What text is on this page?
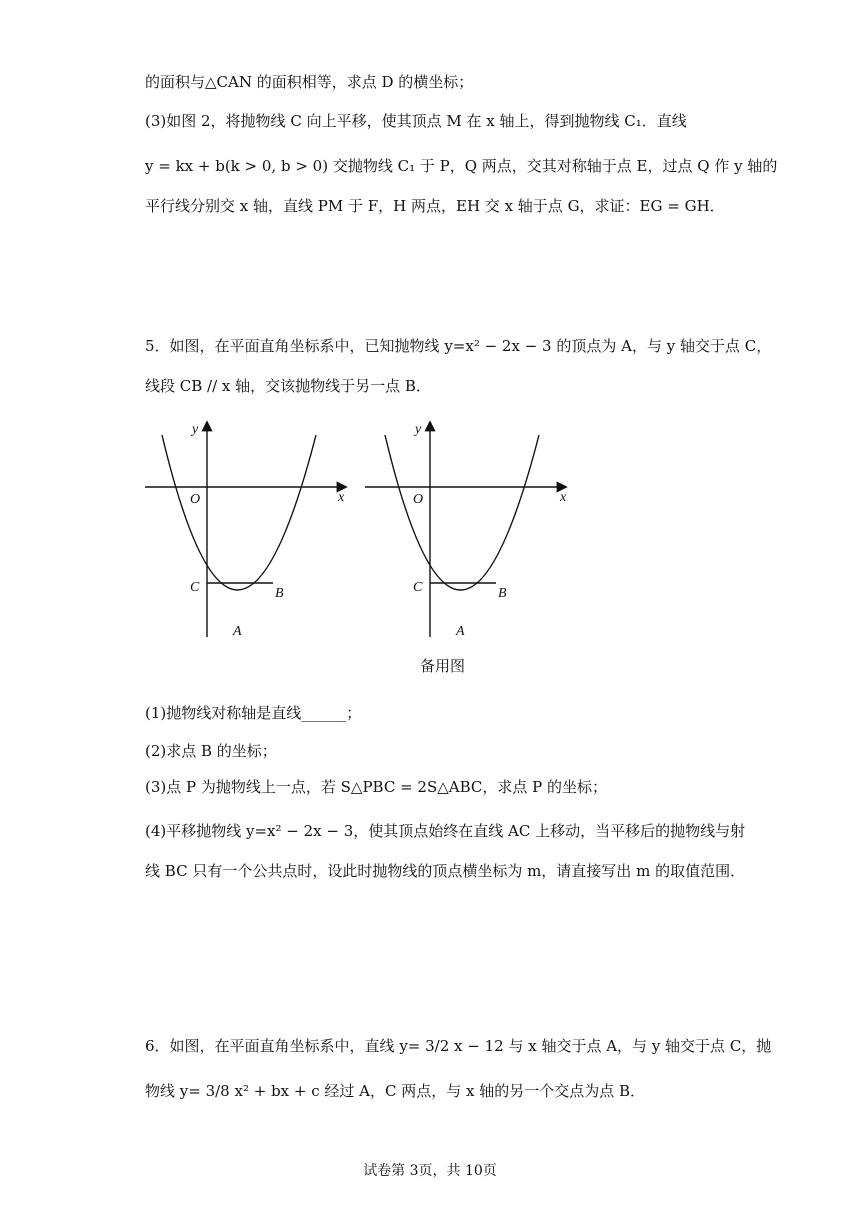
的面积与△CAN 的面积相等，求点 D 的横坐标；
(3)如图 2，将抛物线 C 向上平移，使其顶点 M 在 x 轴上，得到抛物线 C₁．直线
y = kx + b(k > 0, b > 0) 交抛物线 C₁ 于 P，Q 两点，交其对称轴于点 E，过点 Q 作 y 轴的
平行线分别交 x 轴，直线 PM 于 F，H 两点，EH 交 x 轴于点 G，求证：EG = GH．
5．如图，在平面直角坐标系中，已知抛物线 y=x² − 2x − 3 的顶点为 A，与 y 轴交于点 C，
线段 CB // x 轴，交该抛物线于另一点 B．
y
x
O
C	B
A
y
x
O
C	B
A
备用图
(1)抛物线对称轴是直线______；
(2)求点 B 的坐标；
(3)点 P 为抛物线上一点，若 S△PBC = 2S△ABC，求点 P 的坐标；
(4)平移抛物线 y=x² − 2x − 3，使其顶点始终在直线 AC 上移动，当平移后的抛物线与射
线 BC 只有一个公共点时，设此时抛物线的顶点横坐标为 m，请直接写出 m 的取值范围．
6．如图，在平面直角坐标系中，直线 y= 3/2 x − 12 与 x 轴交于点 A，与 y 轴交于点 C，抛
物线 y= 3/8 x² + bx + c 经过 A，C 两点，与 x 轴的另一个交点为点 B．
试卷第 3页，共 10页
